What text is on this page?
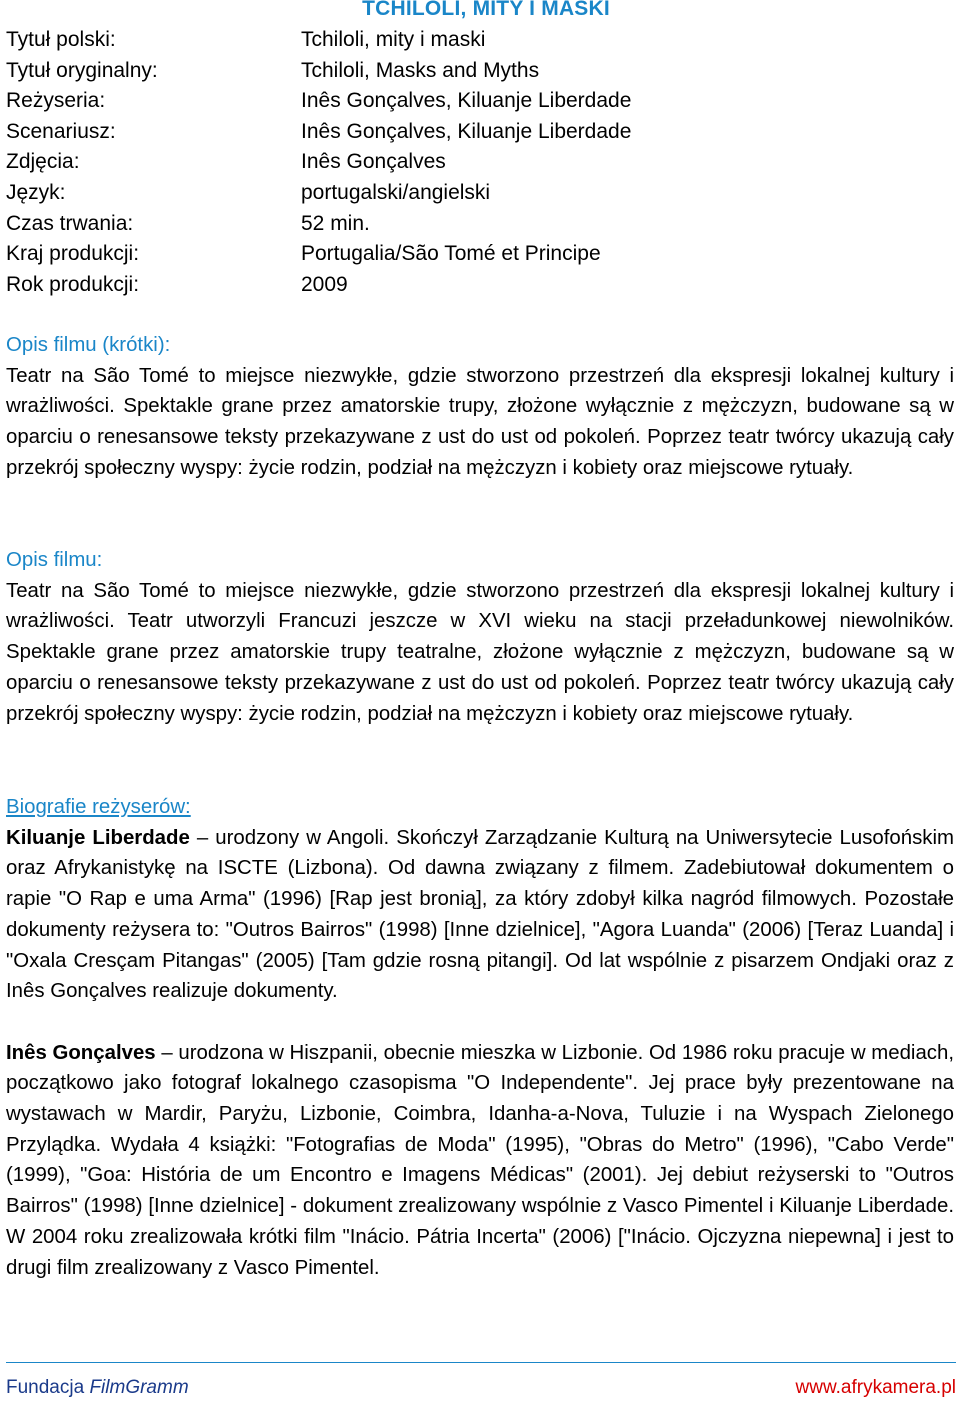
TCHILOLI, MITY I MASKI
Tytuł polski:	Tchiloli, mity i maski
Tytuł oryginalny:	Tchiloli, Masks and Myths
Reżyseria:	Inês Gonçalves, Kiluanje Liberdade
Scenariusz:	Inês Gonçalves, Kiluanje Liberdade
Zdjęcia:	Inês Gonçalves
Język:	portugalski/angielski
Czas trwania:	52 min.
Kraj produkcji:	Portugalia/São Tomé et Principe
Rok produkcji:	2009
Opis filmu (krótki):
Teatr na São Tomé to miejsce niezwykłe, gdzie stworzono przestrzeń dla ekspresji lokalnej kultury i wrażliwości. Spektakle grane przez amatorskie trupy, złożone wyłącznie z mężczyzn, budowane są w oparciu o renesansowe teksty przekazywane z ust do ust od pokoleń. Poprzez teatr twórcy ukazują cały przekrój społeczny wyspy: życie rodzin, podział na mężczyzn i kobiety oraz miejscowe rytuały.
Opis filmu:
Teatr na São Tomé to miejsce niezwykłe, gdzie stworzono przestrzeń dla ekspresji lokalnej kultury i wrażliwości. Teatr utworzyli Francuzi jeszcze w XVI wieku na stacji przeładunkowej niewolników. Spektakle grane przez amatorskie trupy teatralne, złożone wyłącznie z mężczyzn, budowane są w oparciu o renesansowe teksty przekazywane z ust do ust od pokoleń. Poprzez teatr twórcy ukazują cały przekrój społeczny wyspy: życie rodzin, podział na mężczyzn i kobiety oraz miejscowe rytuały.
Biografie reżyserów:
Kiluanje Liberdade – urodzony w Angoli. Skończył Zarządzanie Kulturą na Uniwersytecie Lusofońskim oraz Afrykanistykę na ISCTE (Lizbona). Od dawna związany z filmem. Zadebiutował dokumentem o rapie "O Rap e uma Arma" (1996) [Rap jest bronią], za który zdobył kilka nagród filmowych. Pozostałe dokumenty reżysera to: "Outros Bairros" (1998) [Inne dzielnice], "Agora Luanda" (2006) [Teraz Luanda] i "Oxala Cresçam Pitangas" (2005) [Tam gdzie rosną pitangi]. Od lat wspólnie z pisarzem Ondjaki oraz z Inês Gonçalves realizuje dokumenty.
Inês Gonçalves – urodzona w Hiszpanii, obecnie mieszka w Lizbonie. Od 1986 roku pracuje w mediach, początkowo jako fotograf lokalnego czasopisma "O Independente". Jej prace były prezentowane na wystawach w Mardir, Paryżu, Lizbonie, Coimbra, Idanha-a-Nova, Tuluzie i na Wyspach Zielonego Przylądka. Wydała 4 książki: "Fotografias de Moda" (1995), "Obras do Metro" (1996), "Cabo Verde" (1999), "Goa: História de um Encontro e Imagens Médicas" (2001). Jej debiut reżyserski to "Outros Bairros" (1998) [Inne dzielnice] - dokument zrealizowany wspólnie z Vasco Pimentel i Kiluanje Liberdade. W 2004 roku zrealizowała krótki film "Inácio. Pátria Incerta" (2006) ["Inácio. Ojczyzna niepewna] i jest to drugi film zrealizowany z Vasco Pimentel.
Fundacja FilmGramm	www.afrykamera.pl
